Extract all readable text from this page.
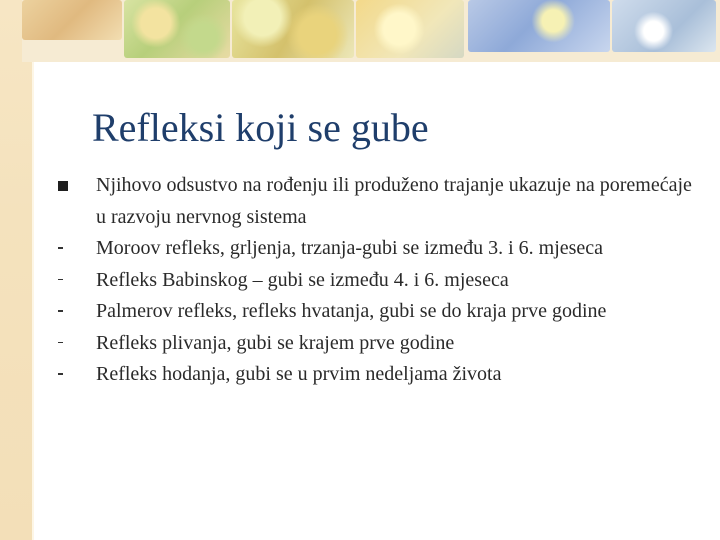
Refleksi koji se gube
Njihovo odsustvo na rođenju ili produženo trajanje ukazuje na poremećaje u razvoju nervnog sistema
Moroov refleks, grljenja, trzanja-gubi se između 3. i 6. mjeseca
Refleks Babinskog – gubi se između 4. i 6. mjeseca
Palmerov refleks, refleks hvatanja, gubi se do kraja prve godine
Refleks plivanja, gubi se krajem prve godine
Refleks hodanja, gubi se u prvim nedeljama života
